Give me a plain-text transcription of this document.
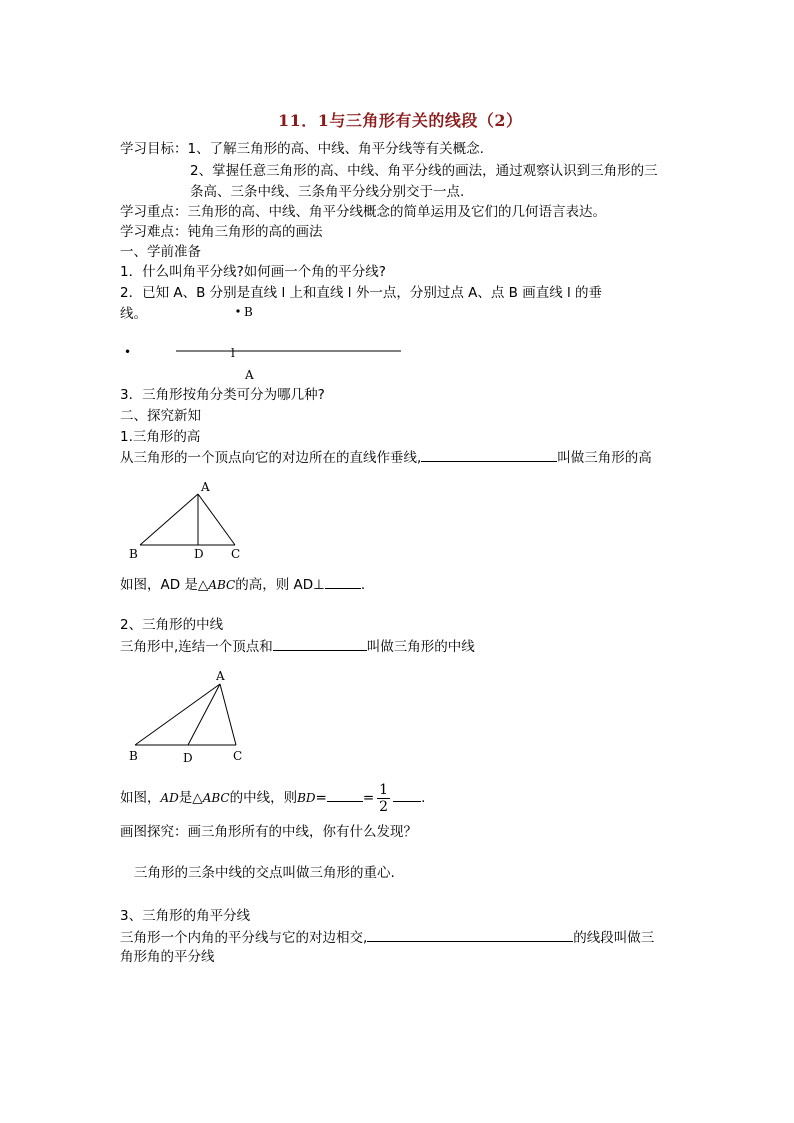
11．1与三角形有关的线段（2）
学习目标：1、了解三角形的高、中线、角平分线等有关概念.
2、掌握任意三角形的高、中线、角平分线的画法，通过观察认识到三角形的三
条高、三条中线、三条角平分线分别交于一点.
学习重点：三角形的高、中线、角平分线概念的简单运用及它们的几何语言表达。
学习难点：钝角三角形的高的画法
一、学前准备
1．什么叫角平分线?如何画一个角的平分线?
2．已知 A、B 分别是直线 l 上和直线 l 外一点，分别过点 A、点 B 画直线 l 的垂
线。	B
•	l
A
3．三角形按角分类可分为哪几种?
二、探究新知
1.三角形的高
从三角形的一个顶点向它的对边所在的直线作垂线,	叫做三角形的高
A
B	D C
如图，AD 是△ABC的高，则 AD⊥	.
2、三角形的中线
三角形中,连结一个顶点和	叫做三角形的中线
A
B	D	C
如图，AD是△ABC的中线，则BD=	= $\frac{1}{2}$ .
画图探究：画三角形所有的中线，你有什么发现？
三角形的三条中线的交点叫做三角形的重心.
3、三角形的角平分线
三角形一个内角的平分线与它的对边相交,	的线段叫做三
角形角的平分线
